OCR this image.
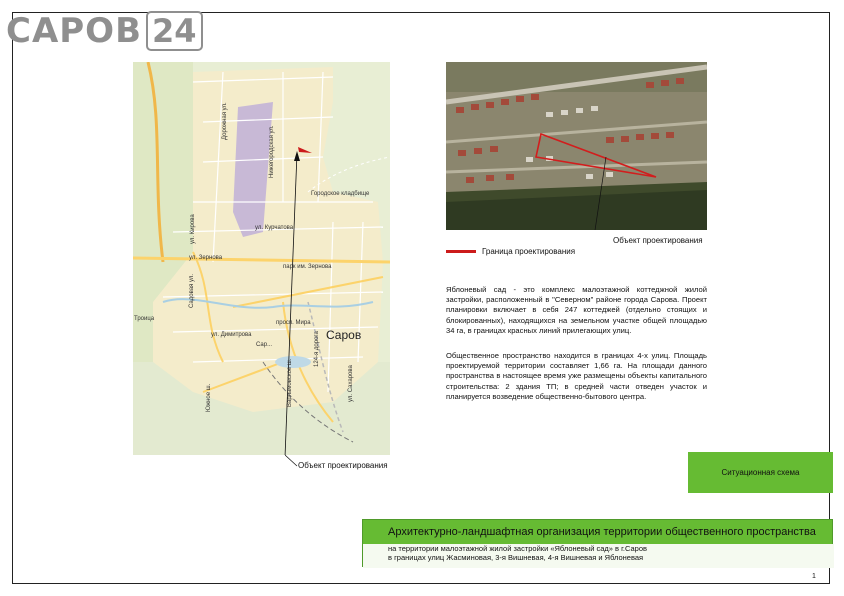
САРОВ 24
Дорожная ул.
Нижегородская ул.
Городское кладбище
ул. Кирова	ул. Курчатова
ул. Зернова
парк им. Зернова
Садовая ул.
ул. Димитрова
просп. Мира
124-я дорога
Южное ш.
Сар...
Троица
ул. Сахарова
Варламовское ш.
Саров
Объект проектирования
Объект проектирования
Граница проектирования

Яблоневый сад - это комплекс малоэтажной коттеджной жилой застройки, расположенный в "Северном" районе города Сарова. Проект планировки включает в себя 247 коттеджей (отдельно стоящих и блокированных), находящихся на земельном участке общей площадью 34 га, в границах красных линий прилегающих улиц.

Общественное пространство находится в границах 4-х улиц. Площадь проектируемой территории составляет 1,66 га. На площади данного пространства в настоящее время уже размещены объекты капитального строительства: 2 здания ТП; в средней части отведен участок и планируется возведение общественно-бытового центра.

Ситуационная схема
Архитектурно-ландшафтная организация территории общественного пространства
на территории малоэтажной жилой застройки «Яблоневый сад» в г.Саров
в границах улиц Жасминовая, 3-я Вишневая, 4-я Вишневая и Яблоневая
1
